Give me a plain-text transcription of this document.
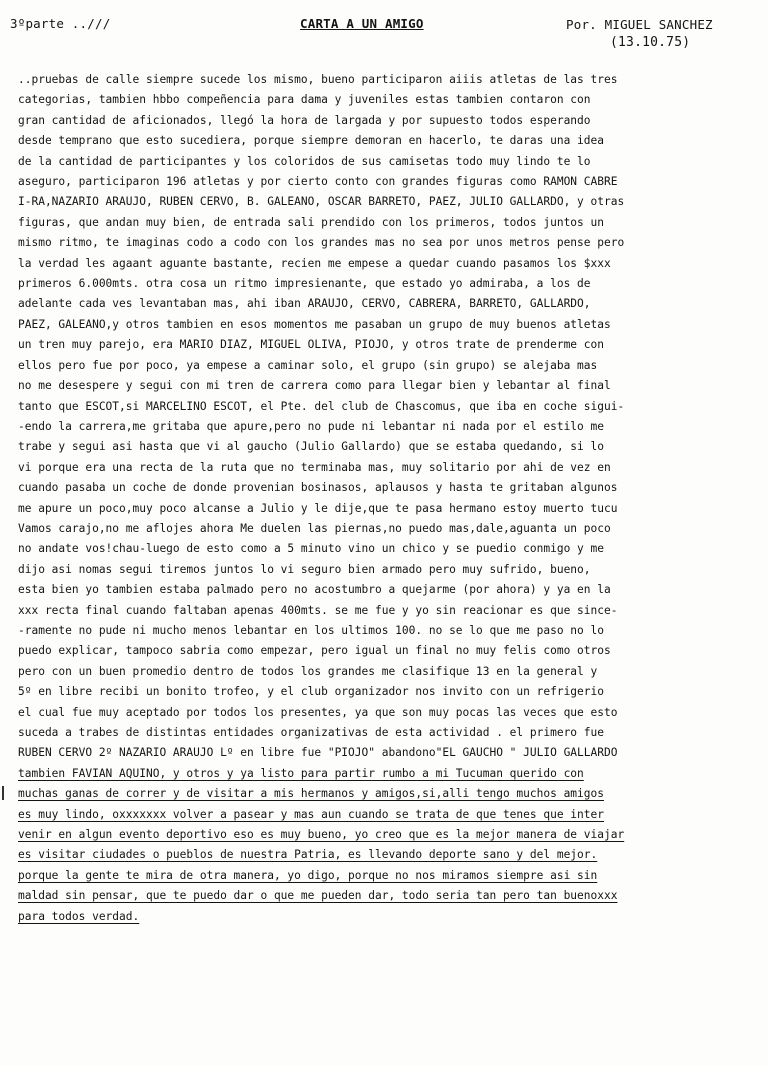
3ºparte ..///	CARTA A UN AMIGO	Por. MIGUEL SANCHEZ
(13.10.75)
..pruebas de calle siempre sucede los mismo, bueno participaron aiiis atletas de las tres
categorias, tambien hbbo compeñencia para dama y juveniles estas tambien contaron con
gran cantidad de aficionados, llegó la hora de largada y por supuesto todos esperando
desde temprano que esto sucediera, porque siempre demoran en hacerlo, te daras una idea
de la cantidad de participantes y los coloridos de sus camisetas todo muy lindo te lo
aseguro, participaron 196 atletas y por cierto conto con grandes figuras como RAMON CABRE
I-RA,NAZARIO ARAUJO, RUBEN CERVO, B. GALEANO, OSCAR BARRETO, PAEZ, JULIO GALLARDO, y otras
figuras, que andan muy bien, de entrada sali prendido con los primeros, todos juntos un
mismo ritmo, te imaginas codo a codo con los grandes mas no sea por unos metros pense pero
la verdad les agaant aguante bastante, recien me empese a quedar cuando pasamos los $xxx
primeros 6.000mts. otra cosa un ritmo impresienante, que estado yo admiraba, a los de
adelante cada ves levantaban mas, ahi iban ARAUJO, CERVO, CABRERA, BARRETO, GALLARDO,
PAEZ, GALEANO,y otros tambien en esos momentos me pasaban un grupo de muy buenos atletas
un tren muy parejo, era MARIO DIAZ, MIGUEL OLIVA, PIOJO, y otros trate de prenderme con
ellos pero fue por poco, ya empese a caminar solo, el grupo (sin grupo) se alejaba mas
no me desespere y segui con mi tren de carrera como para llegar bien y lebantar al final
tanto que ESCOT,si MARCELINO ESCOT, el Pte. del club de Chascomus, que iba en coche sigui-
-endo la carrera,me gritaba que apure,pero no pude ni lebantar ni nada por el estilo me
trabe y segui asi hasta que vi al gaucho (Julio Gallardo) que se estaba quedando, si lo
vi porque era una recta de la ruta que no terminaba mas, muy solitario por ahi de vez en
cuando pasaba un coche de donde provenian bosinasos, aplausos y hasta te gritaban algunos
me apure un poco,muy poco alcanse a Julio y le dije,que te pasa hermano estoy muerto tucu
Vamos carajo,no me aflojes ahora Me duelen las piernas,no puedo mas,dale,aguanta un poco
no andate vos!chau-luego de esto como a 5 minuto vino un chico y se puedio conmigo y me
dijo asi nomas segui tiremos juntos lo vi seguro bien armado pero muy sufrido, bueno,
esta bien yo tambien estaba palmado pero no acostumbro a quejarme (por ahora) y ya en la
xxx recta final cuando faltaban apenas 400mts. se me fue y yo sin reacionar es que since-
-ramente no pude ni mucho menos lebantar en los ultimos 100. no se lo que me paso no lo
puedo explicar, tampoco sabria como empezar, pero igual un final no muy felis como otros
pero con un buen promedio dentro de todos los grandes me clasifique 13 en la general y
5º en libre recibi un bonito trofeo, y el club organizador nos invito con un refrigerio
el cual fue muy aceptado por todos los presentes, ya que son muy pocas las veces que esto
suceda a trabes de distintas entidades organizativas de esta actividad . el primero fue
RUBEN CERVO 2º NAZARIO ARAUJO Lº en libre fue "PIOJO" abandono"EL GAUCHO " JULIO GALLARDO
tambien FAVIAN AQUINO, y otros y ya listo para partir rumbo a mi Tucuman querido con
muchas ganas de correr y de visitar a mis hermanos y amigos,si,alli tengo muchos amigos
es muy lindo, oxxxxxxx volver a pasear y mas aun cuando se trata de que tenes que inter
venir en algun evento deportivo eso es muy bueno, yo creo que es la mejor manera de viajar
es visitar ciudades o pueblos de nuestra Patria, es llevando deporte sano y del mejor.
porque la gente te mira de otra manera, yo digo, porque no nos miramos siempre asi sin
maldad sin pensar, que te puedo dar o que me pueden dar, todo seria tan pero tan buenoxxx
para todos verdad.
